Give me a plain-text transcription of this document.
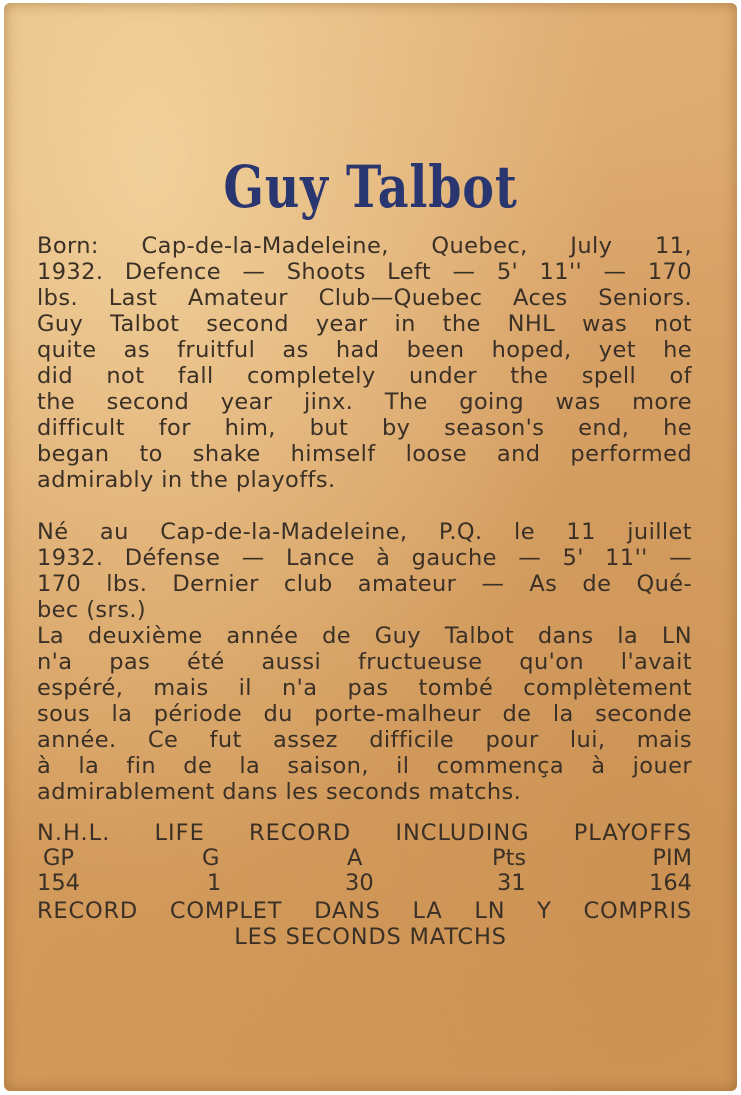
Guy Talbot
Born: Cap-de-la-Madeleine, Quebec, July 11,
1932. Defence — Shoots Left — 5' 11'' — 170
lbs. Last Amateur Club—Quebec Aces Seniors.
Guy Talbot second year in the NHL was not
quite as fruitful as had been hoped, yet he
did not fall completely under the spell of
the second year jinx. The going was more
difficult for him, but by season's end, he
began to shake himself loose and performed
admirably in the playoffs.
Né au Cap-de-la-Madeleine, P.Q. le 11 juillet
1932. Défense — Lance à gauche — 5' 11'' —
170 lbs. Dernier club amateur — As de Qué-
bec (srs.)
La deuxième année de Guy Talbot dans la LN
n'a pas été aussi fructueuse qu'on l'avait
espéré, mais il n'a pas tombé complètement
sous la période du porte-malheur de la seconde
année. Ce fut assez difficile pour lui, mais
à la fin de la saison, il commença à jouer
admirablement dans les seconds matchs.
N.H.L. LIFE RECORD INCLUDING PLAYOFFS
GP	G	A	Pts	PIM
154	1	30	31	164
RECORD COMPLET DANS LA LN Y COMPRIS
LES SECONDS MATCHS
